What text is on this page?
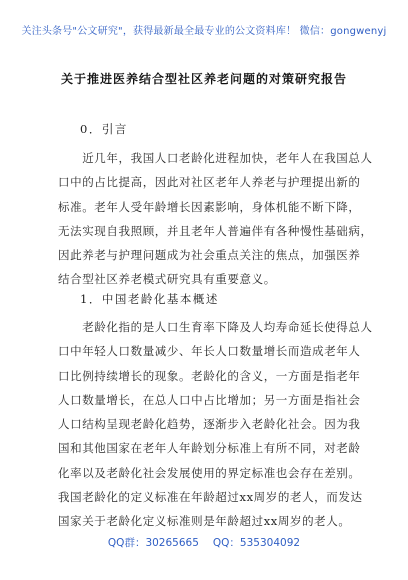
关注头条号"公文研究"，获得最新最全最专业的公文资料库！ 微信：gongwenyj
关于推进医养结合型社区养老问题的对策研究报告
0．引言
　　近几年，我国人口老龄化进程加快，老年人在我国总人
口中的占比提高，因此对社区老年人养老与护理提出新的
标准。老年人受年龄增长因素影响，身体机能不断下降，
无法实现自我照顾，并且老年人普遍伴有各种慢性基础病，
因此养老与护理问题成为社会重点关注的焦点，加强医养
结合型社区养老模式研究具有重要意义。
1．中国老龄化基本概述
　　老龄化指的是人口生育率下降及人均寿命延长使得总人
口中年轻人口数量减少、年长人口数量增长而造成老年人
口比例持续增长的现象。老龄化的含义，一方面是指老年
人口数量增长，在总人口中占比增加；另一方面是指社会
人口结构呈现老龄化趋势，逐渐步入老龄化社会。因为我
国和其他国家在老年人年龄划分标准上有所不同，对老龄
化率以及老龄化社会发展使用的界定标准也会存在差别。
我国老龄化的定义标准在年龄超过xx周岁的老人，而发达
国家关于老龄化定义标准则是年龄超过xx周岁的老人。
QQ群：30265665 QQ：535304092
